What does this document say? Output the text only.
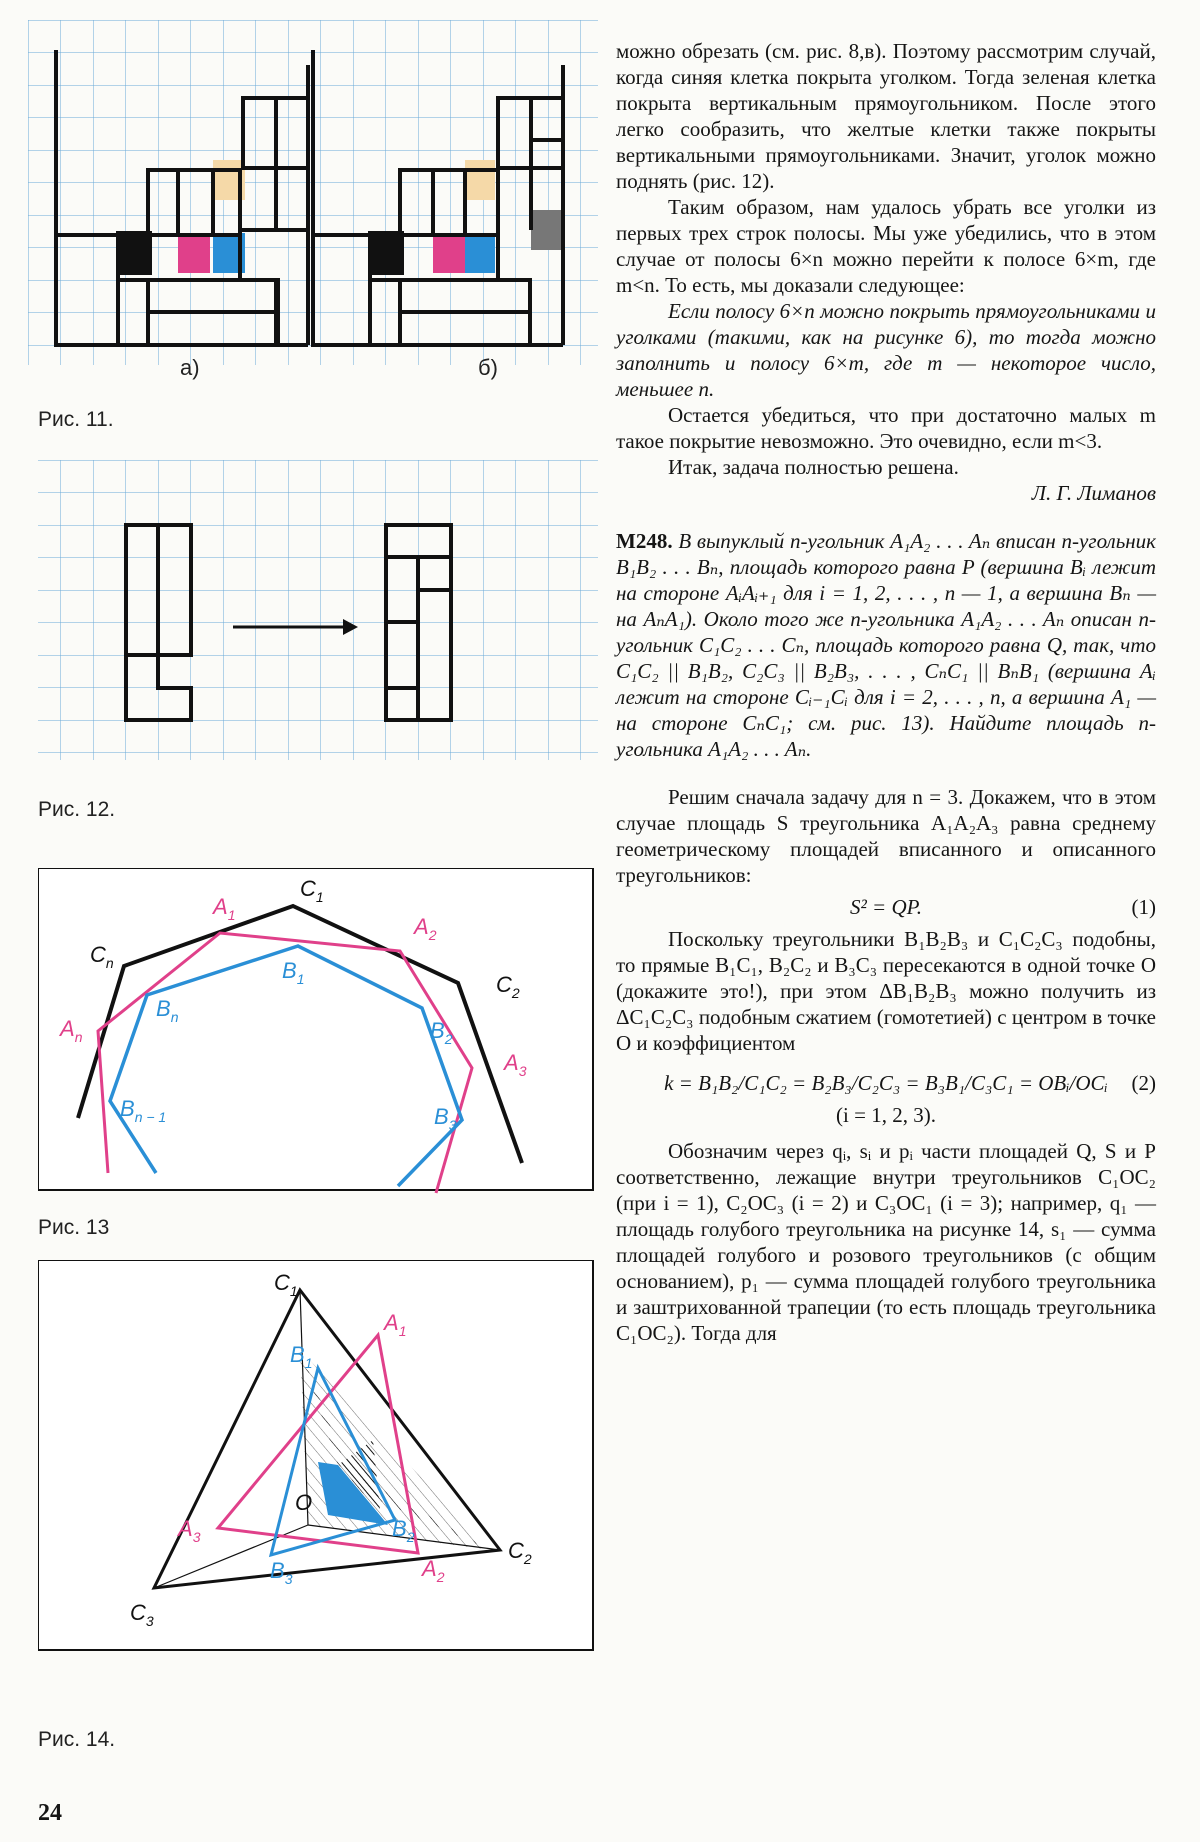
а)	б)
Рис. 11.
Рис. 12.
$C_1$
$A_1$	$A_2$
$C_n$	$B_1$	$C_2$
$B_n$
$A_n$	$B_2$
$A_3$
$B_{n - 1}$	$B_3$
Рис. 13
$C_1$
$A_1$
$B_1$
O
$B_2$
$C_2$
$A_3$
$B_3$	$A_2$
$C_3$
Рис. 14.

можно обрезать (см. рис. 8,в). Поэтому рассмотрим случай, когда синяя клетка покрыта уголком. Тогда зеленая клетка покрыта вертикальным прямоугольником. После этого легко сообразить, что желтые клетки также покрыты вертикальными прямоугольниками. Значит, уголок можно поднять (рис. 12).

Таким образом, нам удалось убрать все уголки из первых трех строк полосы. Мы уже убедились, что в этом случае от полосы 6×n можно перейти к полосе 6×m, где m<n. То есть, мы доказали следующее:

Если полосу 6×n можно покрыть прямоугольниками и уголками (такими, как на рисунке 6), то тогда можно заполнить и полосу 6×m, где m — некоторое число, меньшее n.

Остается убедиться, что при достаточно малых m такое покрытие невозможно. Это очевидно, если m<3.

Итак, задача полностью решена.

Л. Г. Лиманов

М248. В выпуклый n-угольник A₁A₂ . . . Aₙ вписан n-угольник B₁B₂ . . . Bₙ, площадь которого равна P (вершина Bᵢ лежит на стороне AᵢAᵢ₊₁ для i = 1, 2, . . . , n — 1, а вершина Bₙ — на AₙA₁). Около того же n-угольника A₁A₂ . . . Aₙ описан n-угольник C₁C₂ . . . Cₙ, площадь которого равна Q, так, что C₁C₂ || B₁B₂, C₂C₃ || B₂B₃, . . . , CₙC₁ || BₙB₁ (вершина Aᵢ лежит на стороне Cᵢ₋₁Cᵢ для i = 2, . . . , n, а вершина A₁ — на стороне CₙC₁; см. рис. 13). Найдите площадь n-угольника A₁A₂ . . . Aₙ.

Решим сначала задачу для n = 3. Докажем, что в этом случае площадь S треугольника A₁A₂A₃ равна среднему геометрическому площадей вписанного и описанного треугольников:

S² = QP.	(1)

Поскольку треугольники B₁B₂B₃ и C₁C₂C₃ подобны, то прямые B₁C₁, B₂C₂ и B₃C₃ пересекаются в одной точке O (докажите это!), при этом ΔB₁B₂B₃ можно получить из ΔC₁C₂C₃ подобным сжатием (гомотетией) с центром в точке O и коэффициентом

k = B₁B₂/C₁C₂ = B₂B₃/C₂C₃ = B₃B₁/C₃C₁ = OBᵢ/OCᵢ (2)
(i = 1, 2, 3).

Обозначим через qᵢ, sᵢ и pᵢ части площадей Q, S и P соответственно, лежащие внутри треугольников C₁OC₂ (при i = 1), C₂OC₃ (i = 2) и C₃OC₁ (i = 3); например, q₁ — площадь голубого треугольника на рисунке 14, s₁ — сумма площадей голубого и розового треугольников (с общим основанием), p₁ — сумма площадей голубого треугольника и заштрихованной трапеции (то есть площадь треугольника C₁OC₂). Тогда для

24
